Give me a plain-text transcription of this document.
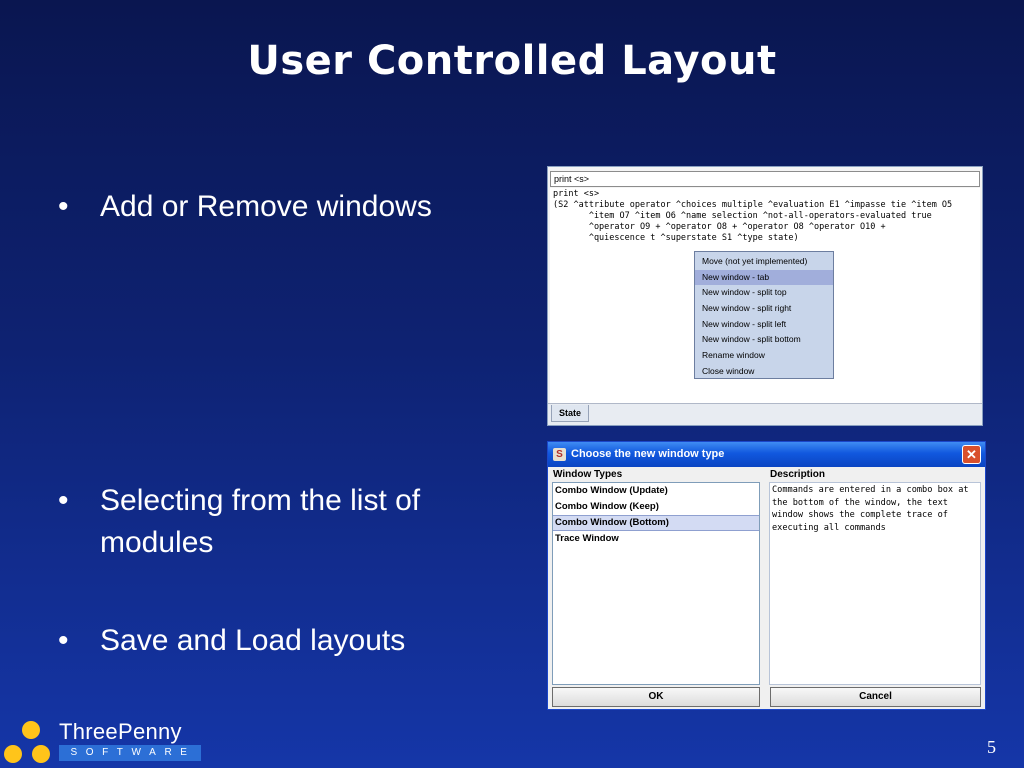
User Controlled Layout
• Add or Remove windows
• Selecting from the list of modules
• Save and Load layouts
print <s>
print <s>
(S2 ^attribute operator ^choices multiple ^evaluation E1 ^impasse tie ^item O5
^item O7 ^item O6 ^name selection ^not-all-operators-evaluated true
^operator O9 + ^operator O8 + ^operator O8 ^operator O10 +
^quiescence t ^superstate S1 ^type state)
Move (not yet implemented)
New window - tab
New window - split top
New window - split right
New window - split left
New window - split bottom
Rename window
Close window
State
S Choose the new window type	✕
Window Types	Description
Combo Window (Update)
Combo Window (Keep)
Combo Window (Bottom)
Trace Window
Commands are entered in a combo box at the bottom of the window, the text window shows the complete trace of executing all commands
OK	Cancel
ThreePenny
SOFTWARE	5
